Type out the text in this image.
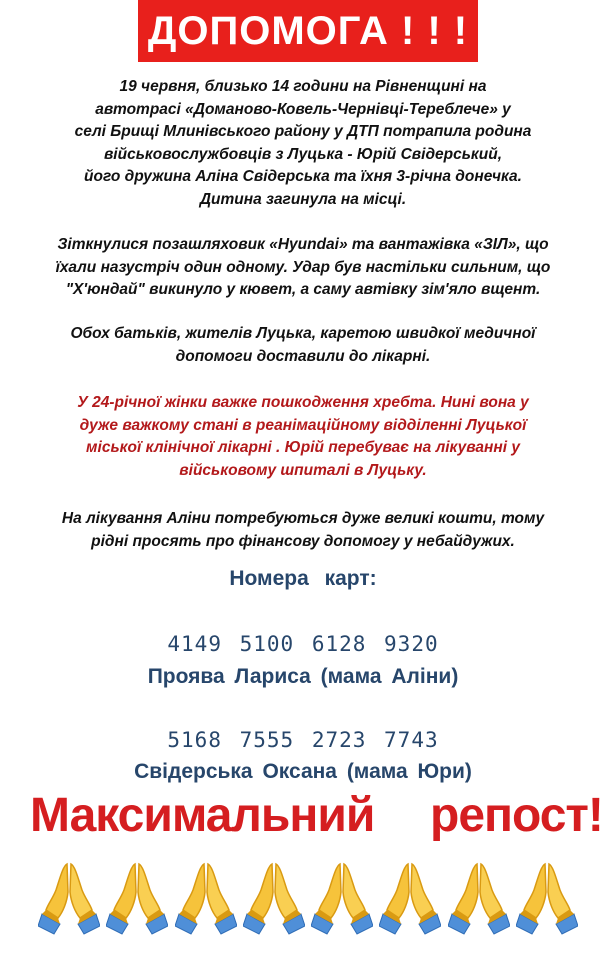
ДОПОМОГА ! ! !
19 червня, близько 14 години на Рівненщині на
автотрасі «Доманово-Ковель-Чернівці-Тереблече» у
селі Брищі Млинівського району у ДТП потрапила родина
військовослужбовців з Луцька - Юрій Свідерський,
його дружина Аліна Свідерська та їхня 3-річна донечка.
Дитина загинула на місці.
Зіткнулися позашляховик «Hyundai» та вантажівка «ЗІЛ», що
їхали назустріч один одному. Удар був настільки сильним, що
"Х'юндай" викинуло у кювет, а саму автівку зім'яло вщент.
Обох батьків, жителів Луцька, каретою швидкої медичної
допомоги доставили до лікарні.
У 24-річної жінки важке пошкодження хребта. Нині вона у
дуже важкому стані в реанімаційному відділенні Луцької
міської клінічної лікарні . Юрій перебуває на лікуванні у
військовому шпиталі в Луцьку.
На лікування Аліни потребуються дуже великі кошти, тому
рідні просять про фінансову допомогу у небайдужих.
Номера карт:
4149 5100 6128 9320
Проява Лариса (мама Аліни)
5168 7555 2723 7743
Свідерська Оксана (мама Юри)
Максимальний репост!
